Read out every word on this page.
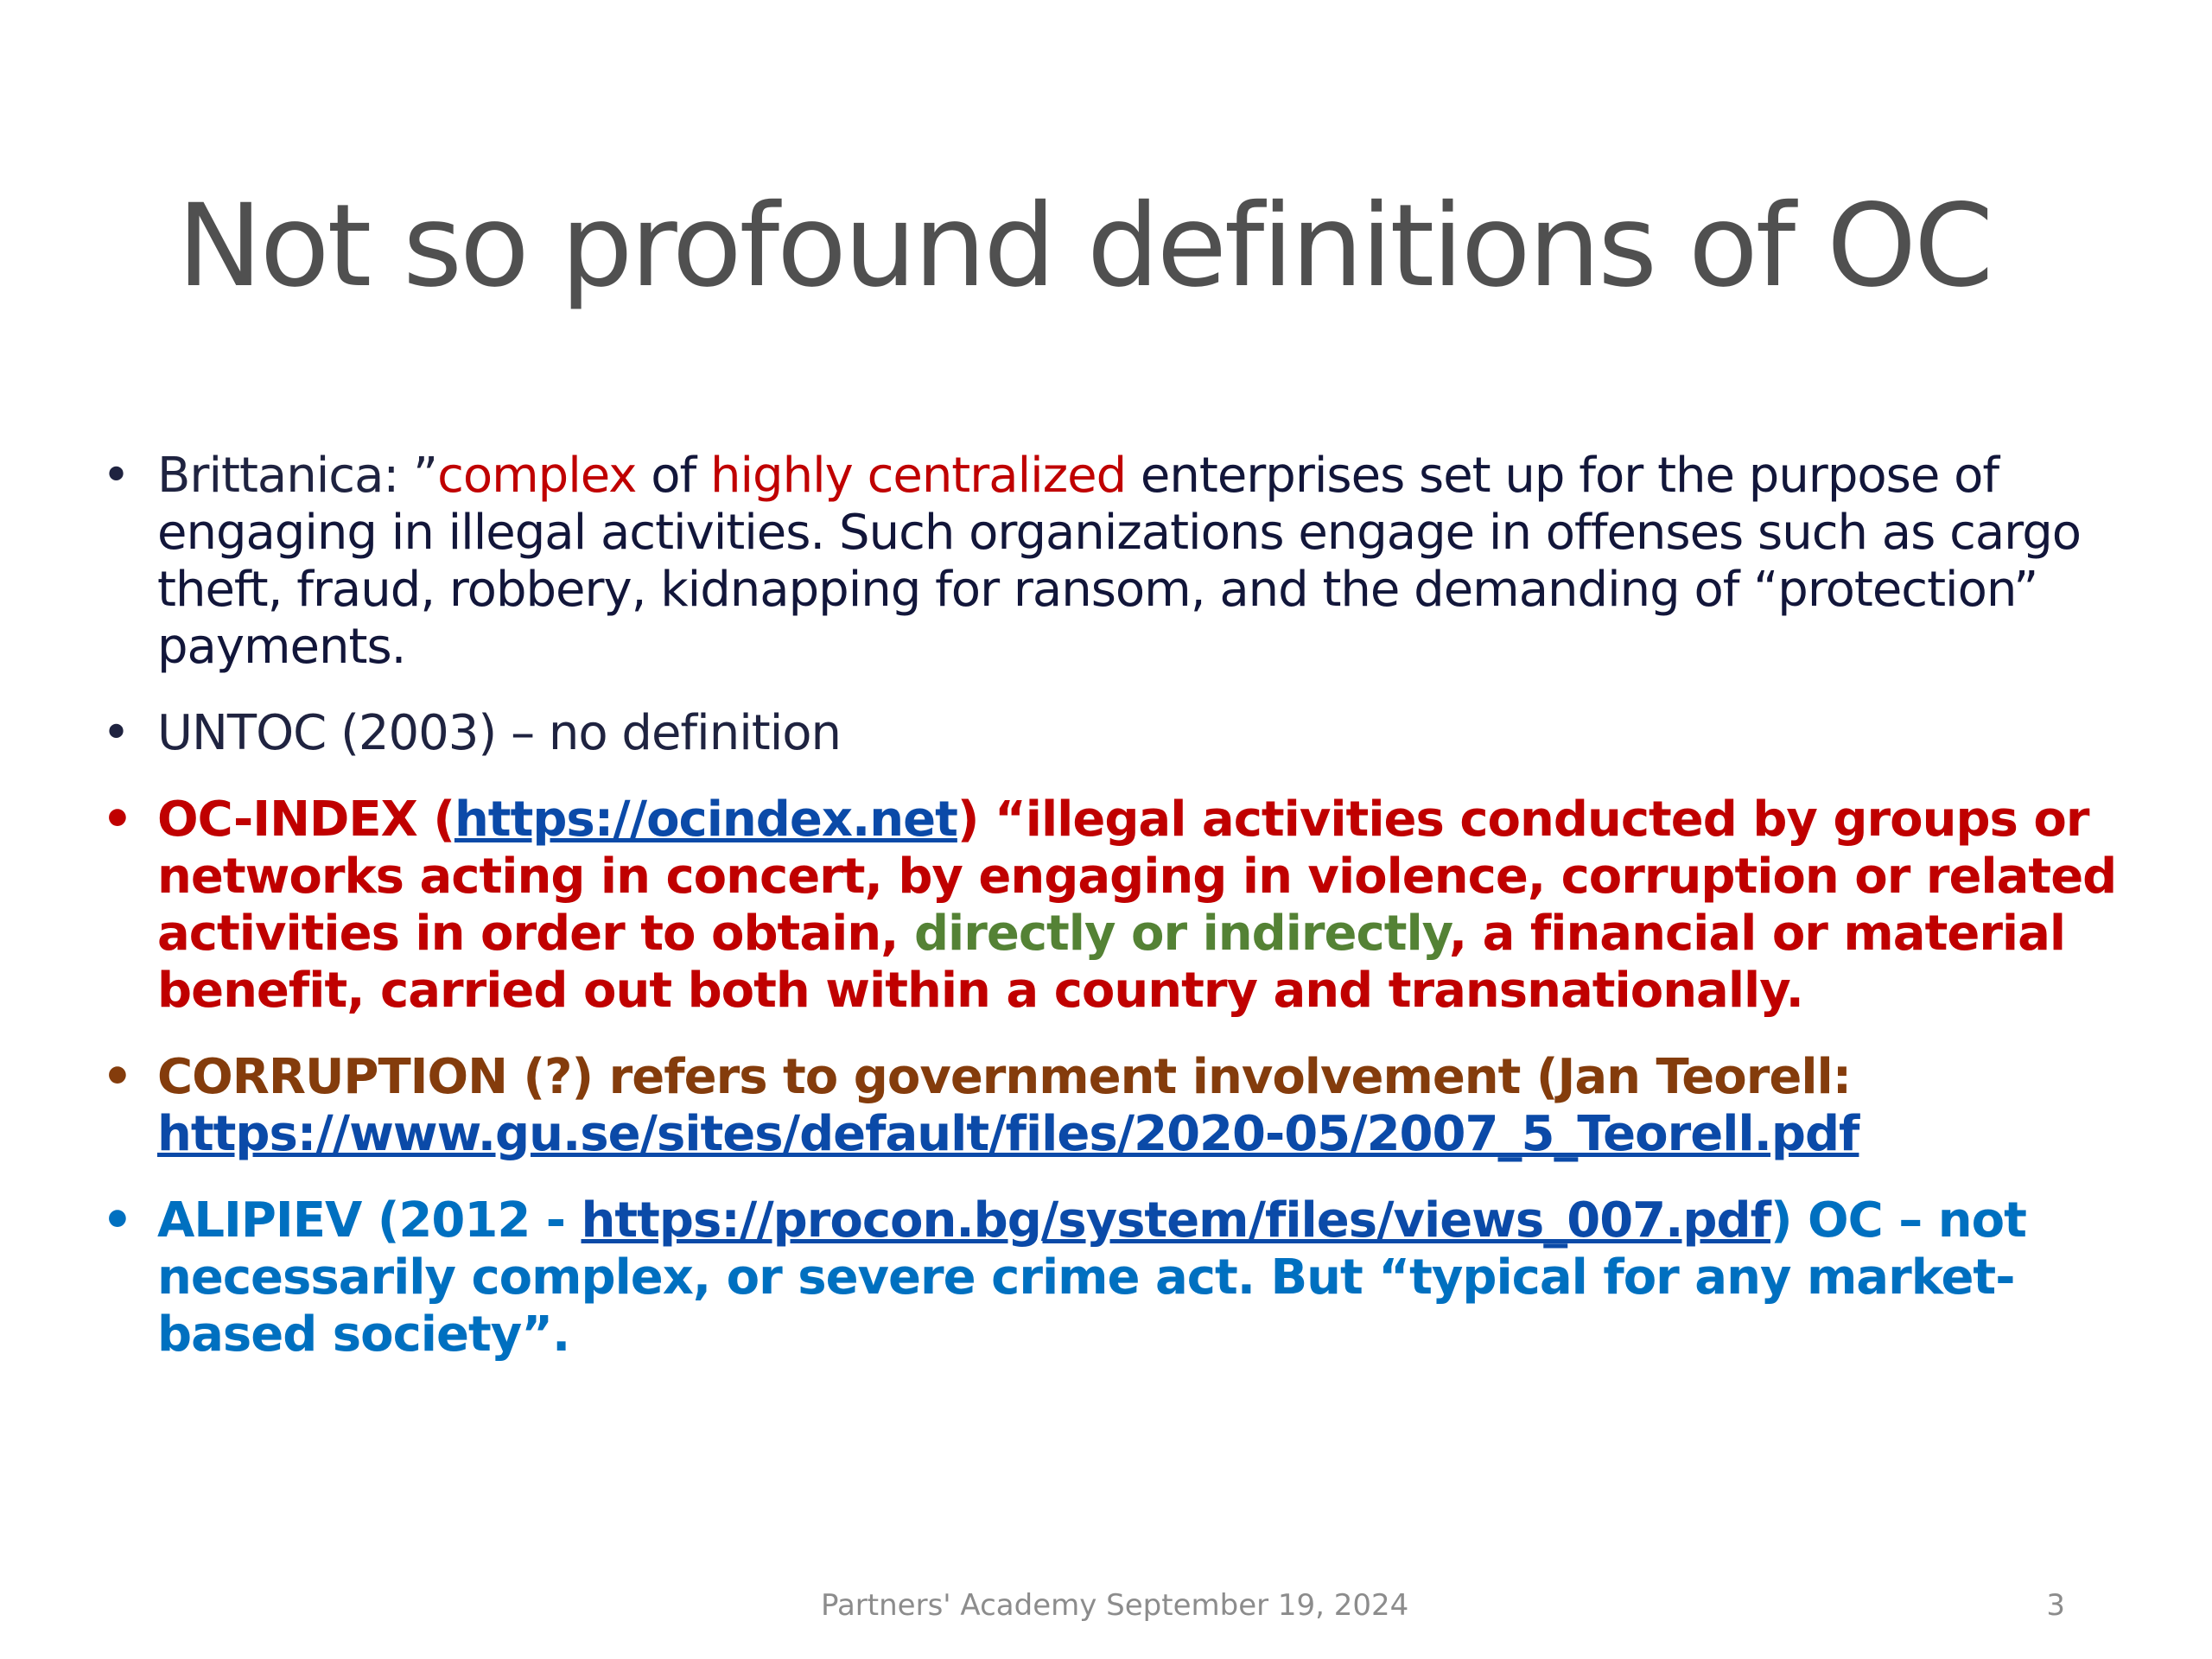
Not so profound definitions of OC
• Brittanica: ”complex of highly centralized enterprises set up for the purpose of engaging in illegal activities. Such organizations engage in offenses such as cargo theft, fraud, robbery, kidnapping for ransom, and the demanding of “protection” payments.
• UNTOC (2003) – no definition
• OC-INDEX (https://ocindex.net) “illegal activities conducted by groups or networks acting in concert, by engaging in violence, corruption or related activities in order to obtain, directly or indirectly, a financial or material benefit, carried out both within a country and transnationally.
• CORRUPTION (?) refers to government involvement (Jan Teorell: https://www.gu.se/sites/default/files/2020-05/2007_5_Teorell.pdf
• ALIPIEV (2012 - https://procon.bg/system/files/views_007.pdf) OC – not necessarily complex, or severe crime act. But “typical for any market-based society”.
Partners' Academy September 19, 2024	3
